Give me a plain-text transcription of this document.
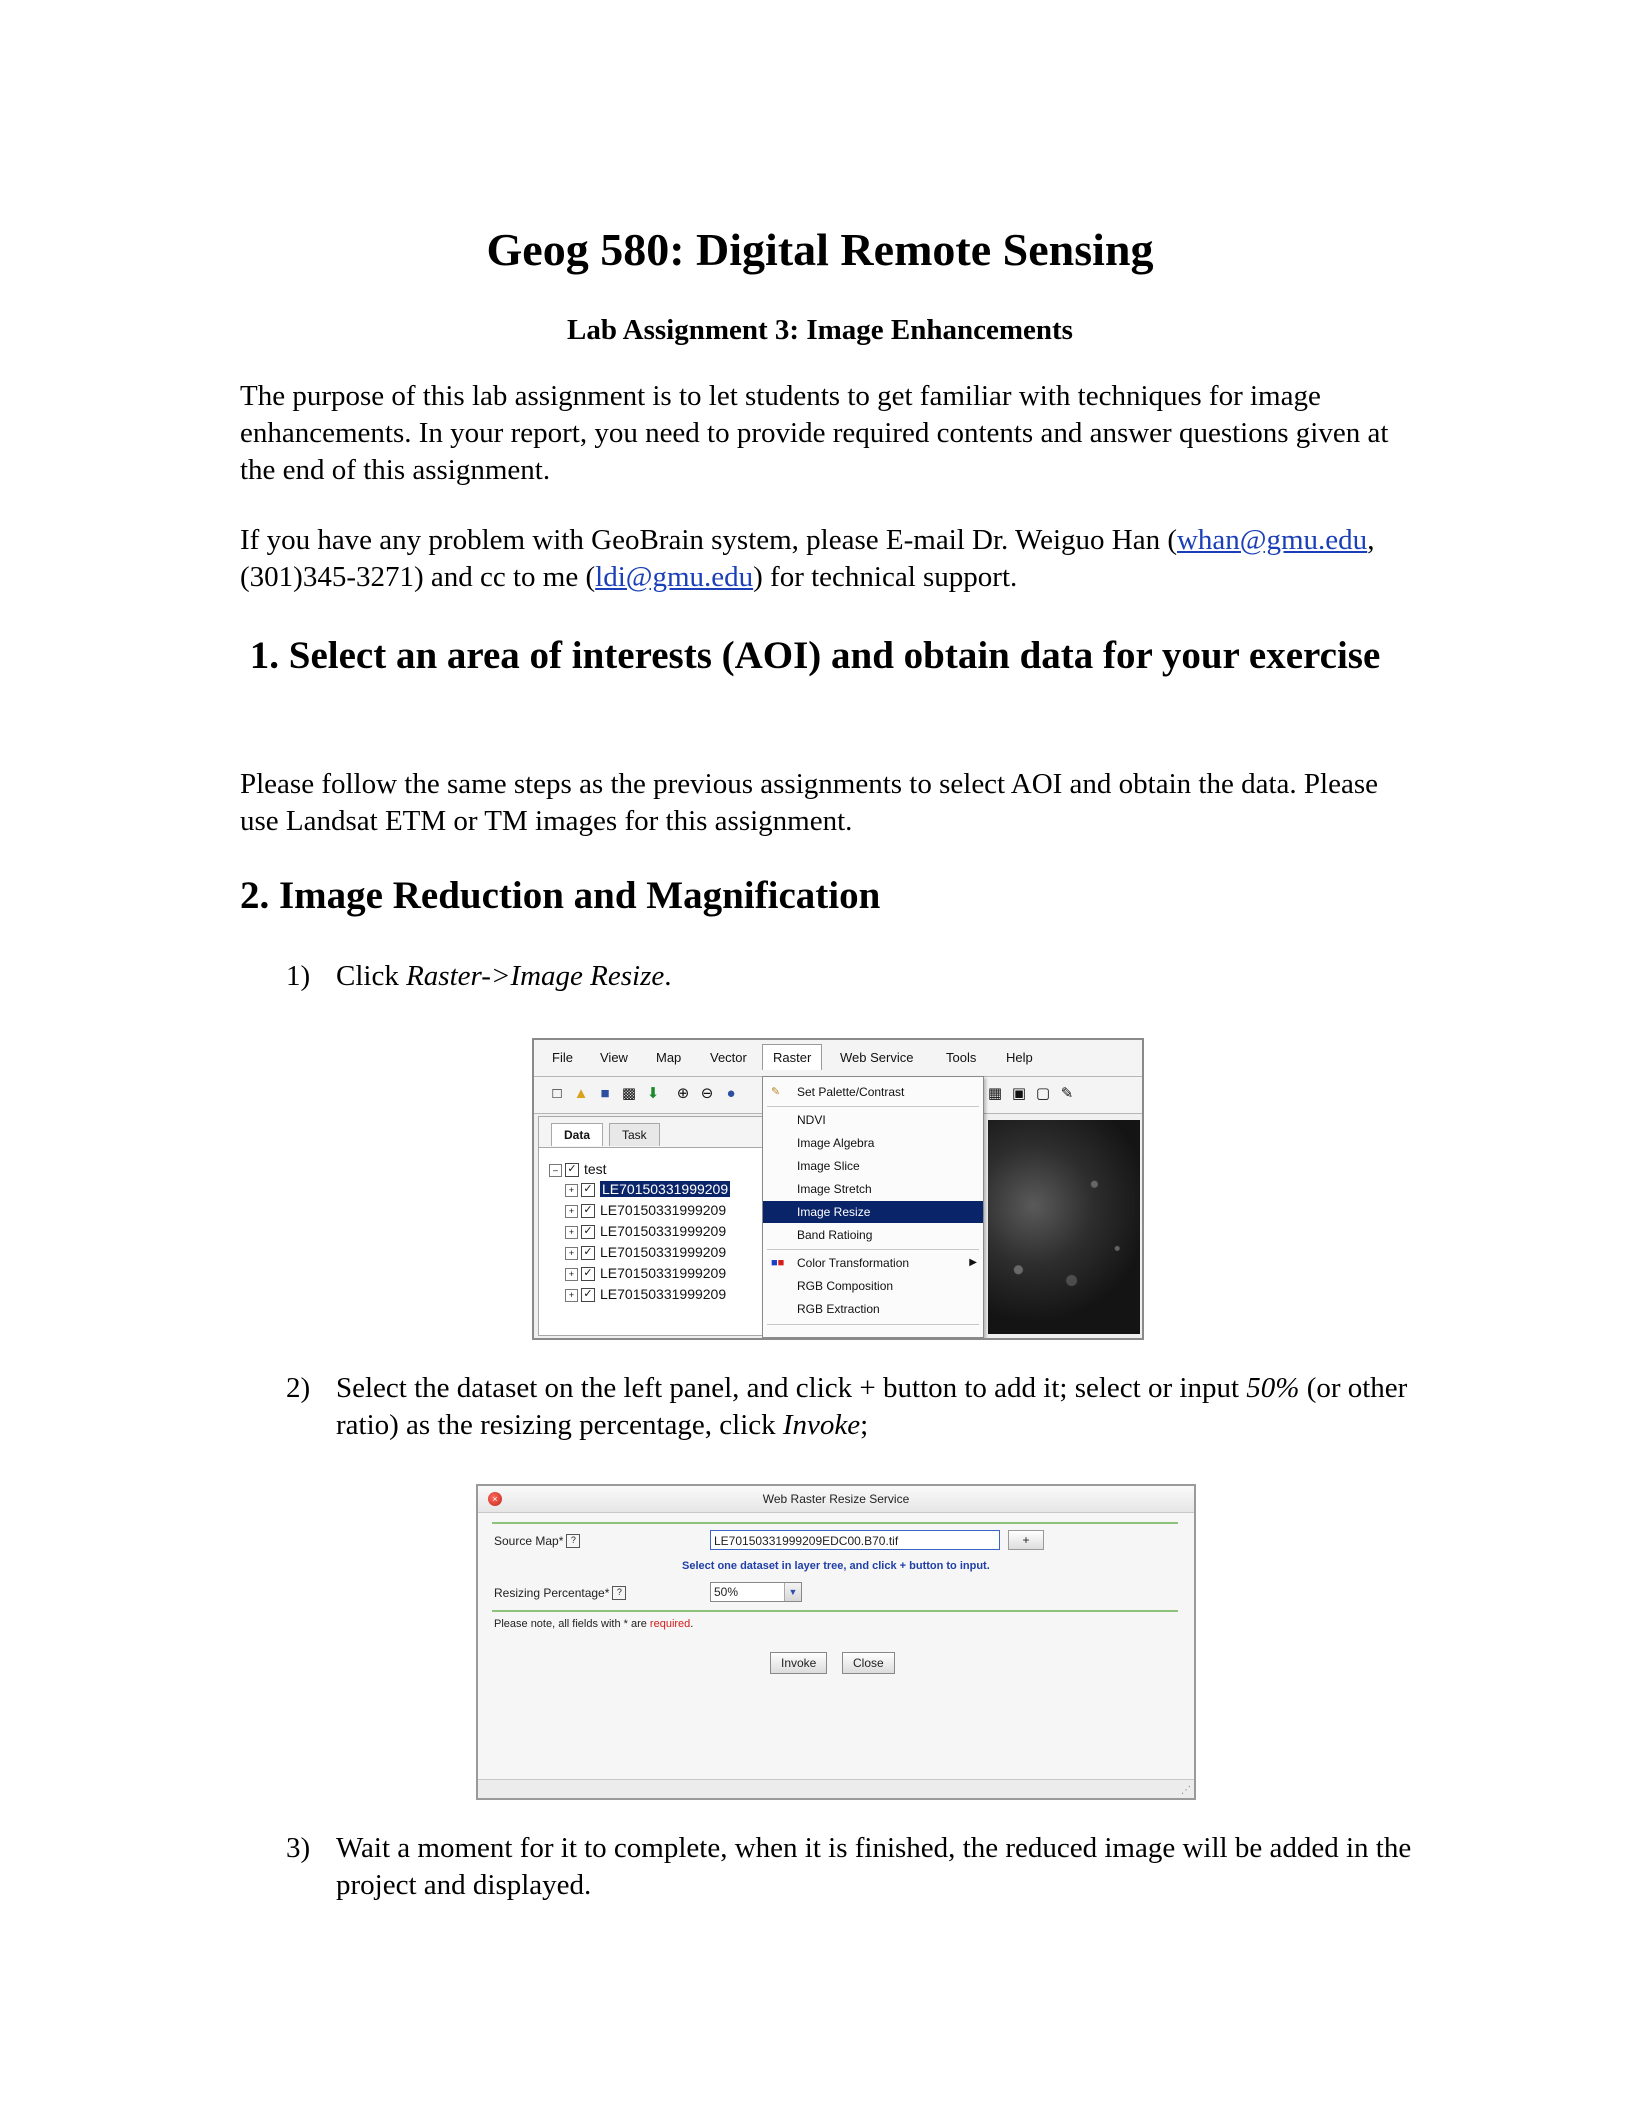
Geog 580: Digital Remote Sensing
Lab Assignment 3: Image Enhancements

The purpose of this lab assignment is to let students to get familiar with techniques for image enhancements. In your report, you need to provide required contents and answer questions given at the end of this assignment.

If you have any problem with GeoBrain system, please E-mail Dr. Weiguo Han (whan@gmu.edu, (301)345-3271) and cc to me (ldi@gmu.edu) for technical support.

1. Select an area of interests (AOI) and obtain data for your exercise

Please follow the same steps as the previous assignments to select AOI and obtain the data. Please use Landsat ETM or TM images for this assignment.

2. Image Reduction and Magnification

1) Click Raster->Image Resize.

File View Map Vector	Raster	Web Service	Tools Help
□ ▲ ■ ▩ ⬇ ⊕ ⊖ ●	▦ ▣ ▢ ✎
Data	Task
– ✓ test
+ ✓ LE70150331999209
+ ✓ LE70150331999209
+ ✓ LE70150331999209
+ ✓ LE70150331999209
+ ✓ LE70150331999209
+ ✓ LE70150331999209
✎	Set Palette/Contrast
NDVI
Image Algebra
Image Slice
Image Stretch
Image Resize
Band Ratioing
■■ Color Transformation	▶
RGB Composition
RGB Extraction

2) Select the dataset on the left panel, and click + button to add it; select or input 50% (or other ratio) as the resizing percentage, click Invoke;

×	Web Raster Resize Service
Source Map* ?	LE70150331999209EDC00.B70.tif	+
Select one dataset in layer tree, and click + button to input.
Resizing Percentage* ?	50%	▼
Please note, all fields with * are required.
Invoke	Close
⋰

3) Wait a moment for it to complete, when it is finished, the reduced image will be added in the project and displayed.
